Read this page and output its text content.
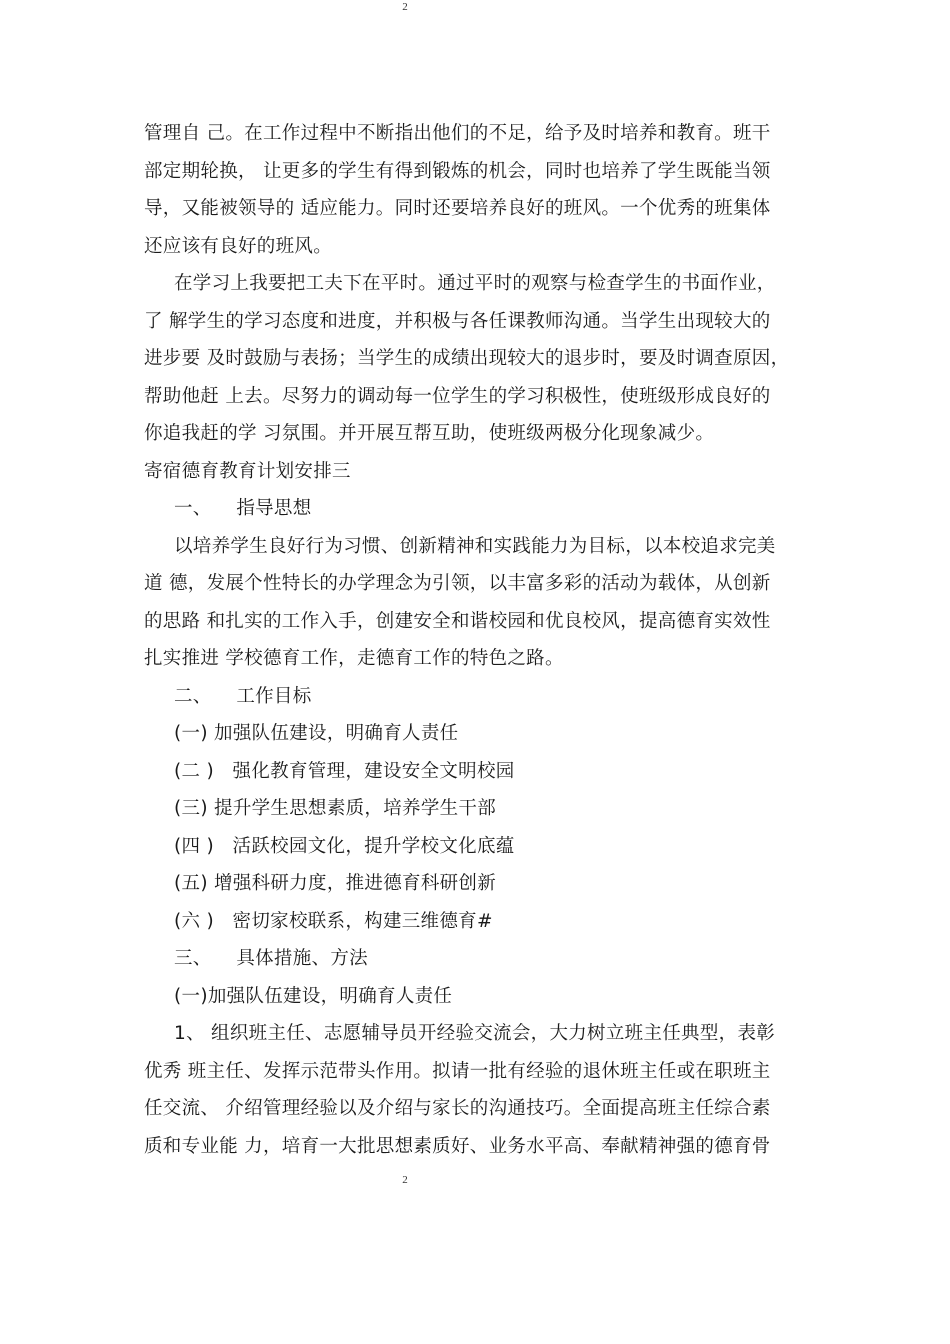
2
管理自 己。在工作过程中不断指出他们的不足，给予及时培养和教育。班干
部定期轮换， 让更多的学生有得到锻炼的机会，同时也培养了学生既能当领
导，又能被领导的 适应能力。同时还要培养良好的班风。一个优秀的班集体
还应该有良好的班风。
在学习上我要把工夫下在平时。通过平时的观察与检查学生的书面作业，
了 解学生的学习态度和进度，并积极与各任课教师沟通。当学生出现较大的
进步要 及时鼓励与表扬；当学生的成绩出现较大的退步时，要及时调查原因，
帮助他赶 上去。尽努力的调动每一位学生的学习积极性，使班级形成良好的
你追我赶的学 习氛围。并开展互帮互助，使班级两极分化现象减少。
寄宿德育教育计划安排三
一、    指导思想
以培养学生良好行为习惯、创新精神和实践能力为目标，以本校追求完美
道 德，发展个性特长的办学理念为引领，以丰富多彩的活动为载体，从创新
的思路 和扎实的工作入手，创建安全和谐校园和优良校风，提高德育实效性
扎实推进 学校德育工作，走德育工作的特色之路。
二、    工作目标
(一) 加强队伍建设，明确育人责任
(二 )   强化教育管理，建设安全文明校园
(三) 提升学生思想素质，培养学生干部
(四 )   活跃校园文化，提升学校文化底蕴
(五) 增强科研力度，推进德育科研创新
(六 )   密切家校联系，构建三维德育#
三、    具体措施、方法
(一)加强队伍建设，明确育人责任
1、 组织班主任、志愿辅导员开经验交流会，大力树立班主任典型，表彰
优秀 班主任、发挥示范带头作用。拟请一批有经验的退休班主任或在职班主
任交流、 介绍管理经验以及介绍与家长的沟通技巧。全面提高班主任综合素
质和专业能 力，培育一大批思想素质好、业务水平高、奉献精神强的德育骨
2
